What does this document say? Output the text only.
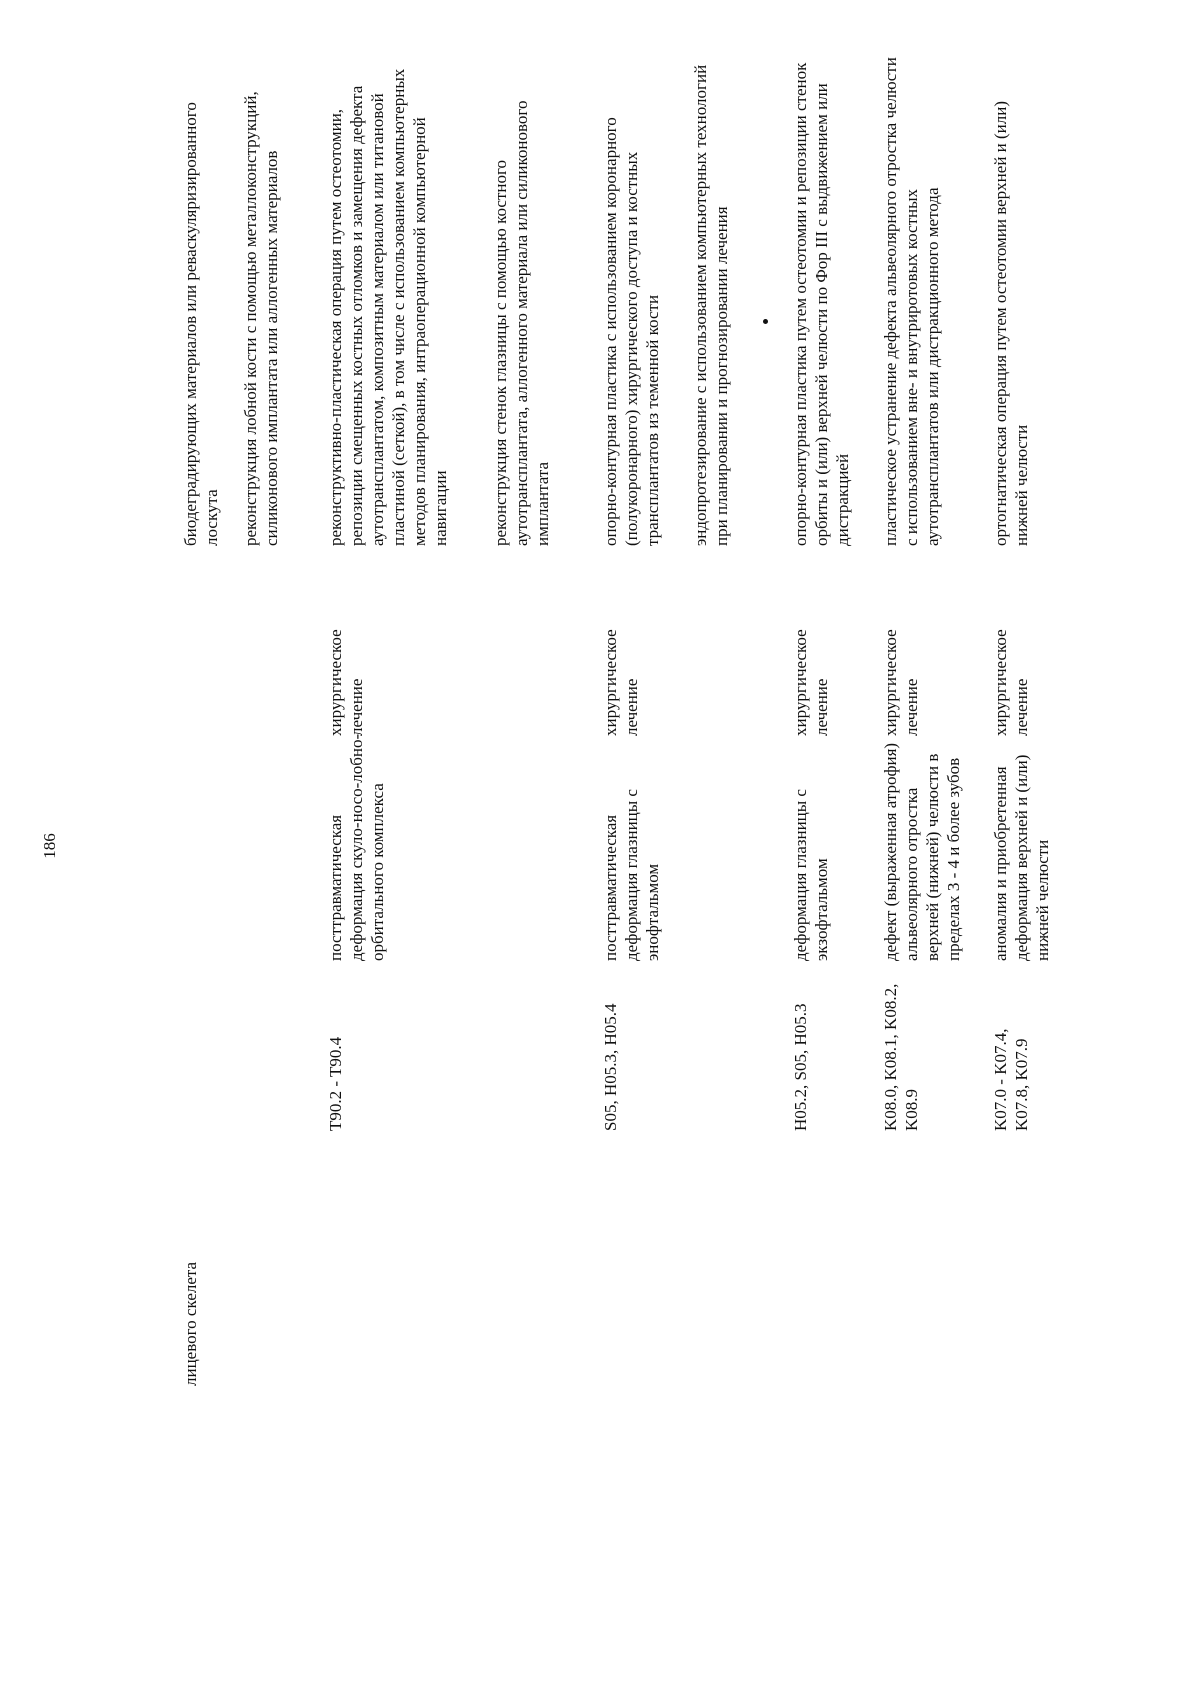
186
лицевого скелета
биодеградирующих материалов или реваскуляризированного лоскута реконструкция лобной кости с помощью металлоконструкций, силиконового имплантата или аллогенных материалов
T90.2 - T90.4
посттравматическая деформация скуло-носо-лобно-орбитального комплекса
хирургическое лечение
реконструктивно-пластическая операция путем остеотомии, репозиции смещенных костных отломков и замещения дефекта аутотрансплантатом, композитным материалом или титановой пластиной (сеткой), в том числе с использованием компьютерных методов планирования, интраоперационной компьютерной навигации реконструкция стенок глазницы с помощью костного аутотрансплантата, аллогенного материала или силиконового имплантата
S05, H05.3, H05.4
посттравматическая деформация глазницы с энофтальмом
хирургическое лечение
опорно-контурная пластика с использованием коронарного (полукоронарного) хирургического доступа и костных трансплантатов из теменной кости эндопротезирование с использованием компьютерных технологий при планировании и прогнозировании лечения
H05.2, S05, H05.3
деформация глазницы с экзофтальмом
хирургическое лечение
опорно-контурная пластика путем остеотомии и репозиции стенок орбиты и (или) верхней челюсти по Фор III с выдвижением или дистракцией
K08.0, K08.1, K08.2, K08.9
дефект (выраженная атрофия) альвеолярного отростка верхней (нижней) челюсти в пределах 3 - 4 и более зубов
хирургическое лечение
пластическое устранение дефекта альвеолярного отростка челюсти с использованием вне- и внутриротовых костных аутотрансплантатов или дистракционного метода
K07.0 - K07.4, K07.8, K07.9
аномалия и приобретенная деформация верхней и (или) нижней челюсти
хирургическое лечение
ортогнатическая операция путем остеотомии верхней и (или) нижней челюсти
